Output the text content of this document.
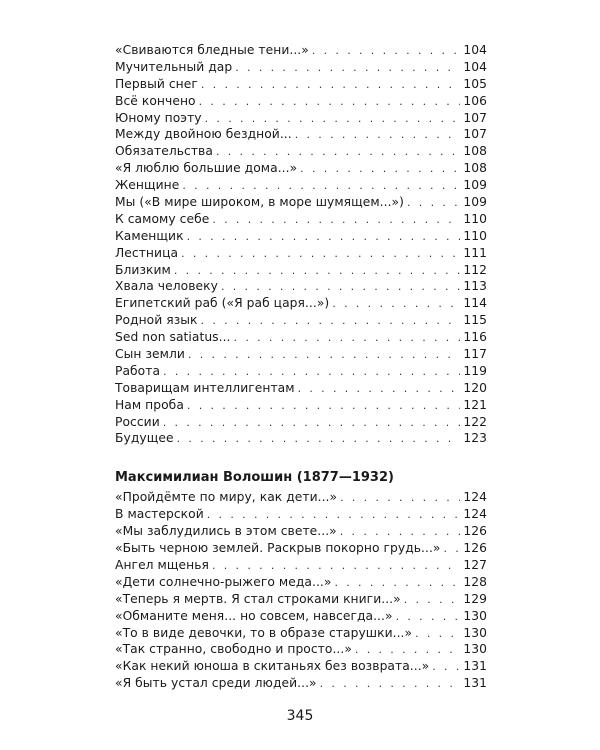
«Свиваются бледные тени...» . . .	104
Мучительный дар . . .	104
Первый снег . . .	105
Всё кончено . . .	106
Юному поэту . . .	107
Между двойною бездной... . . .	107
Обязательства . . .	108
«Я люблю большие дома...» . . .	108
Женщине . . .	109
Мы («В мире широком, в море шумящем...») . . .	109
К самому себе . . .	110
Каменщик . . .	110
Лестница . . .	111
Близким . . .	112
Хвала человеку . . .	113
Египетский раб («Я раб царя...») . . .	114
Родной язык . . .	115
Sed non satiatus... . . .	116
Сын земли . . .	117
Работа . . .	119
Товарищам интеллигентам . . .	120
Нам проба . . .	121
России . . .	122
Будущее . . .	123
Максимилиан Волошин (1877—1932)
«Пройдёмте по миру, как дети...» . . .	124
В мастерской . . .	124
«Мы заблудились в этом свете...» . . .	126
«Быть черною землей. Раскрыв покорно грудь...» . . . 126
Ангел мщенья . . .	127
«Дети солнечно-рыжего меда...» . . .	128
«Теперь я мертв. Я стал строками книги...» . . .	129
«Обманите меня... но совсем, навсегда...» . . .	130
«То в виде девочки, то в образе старушки...» . . .	130
«Так странно, свободно и просто...» . . .	130
«Как некий юноша в скитаньях без возврата...» . . .	131
«Я быть устал среди людей...» . . .	131
345
